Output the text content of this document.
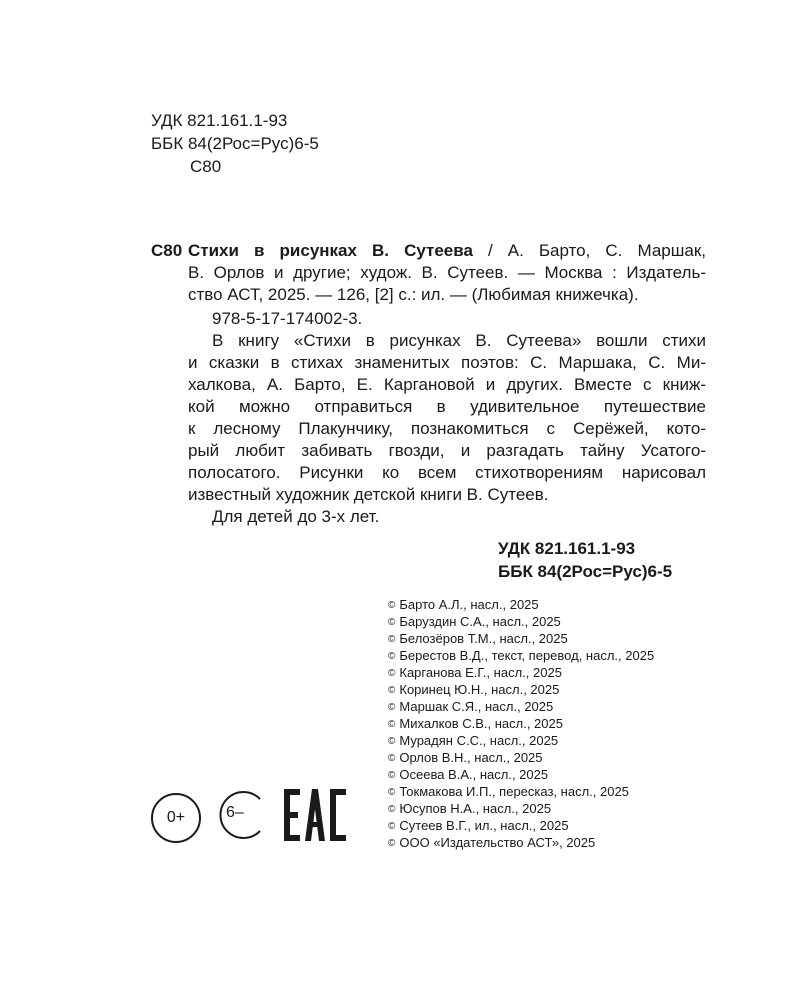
УДК 821.161.1-93
ББК 84(2Рос=Рус)6-5
С80
С80 Стихи в рисунках В. Сутеева / А. Барто, С. Маршак,
В. Орлов и другие; худож. В. Сутеев. — Москва : Издатель-
ство АСТ, 2025. — 126, [2] с.: ил. — (Любимая книжечка).
978-5-17-174002-3.
В книгу «Стихи в рисунках В. Сутеева» вошли стихи
и сказки в стихах знаменитых поэтов: С. Маршака, С. Ми-
халкова, А. Барто, Е. Каргановой и других. Вместе с книж-
кой можно отправиться в удивительное путешествие
к лесному Плакунчику, познакомиться с Серёжей, кото-
рый любит забивать гвозди, и разгадать тайну Усатого-
полосатого. Рисунки ко всем стихотворениям нарисовал
известный художник детской книги В. Сутеев.
Для детей до 3-х лет.
УДК 821.161.1-93
ББК 84(2Рос=Рус)6-5
© Барто А.Л., насл., 2025
© Баруздин С.А., насл., 2025
© Белозёров Т.М., насл., 2025
© Берестов В.Д., текст, перевод, насл., 2025
© Карганова Е.Г., насл., 2025
© Коринец Ю.Н., насл., 2025
© Маршак С.Я., насл., 2025
© Михалков С.В., насл., 2025
© Мурадян С.С., насл., 2025
© Орлов В.Н., насл., 2025
© Осеева В.А., насл., 2025
© Токмакова И.П., пересказ, насл., 2025
© Юсупов Н.А., насл., 2025
© Сутеев В.Г., ил., насл., 2025
© ООО «Издательство АСТ», 2025
0+	6–
